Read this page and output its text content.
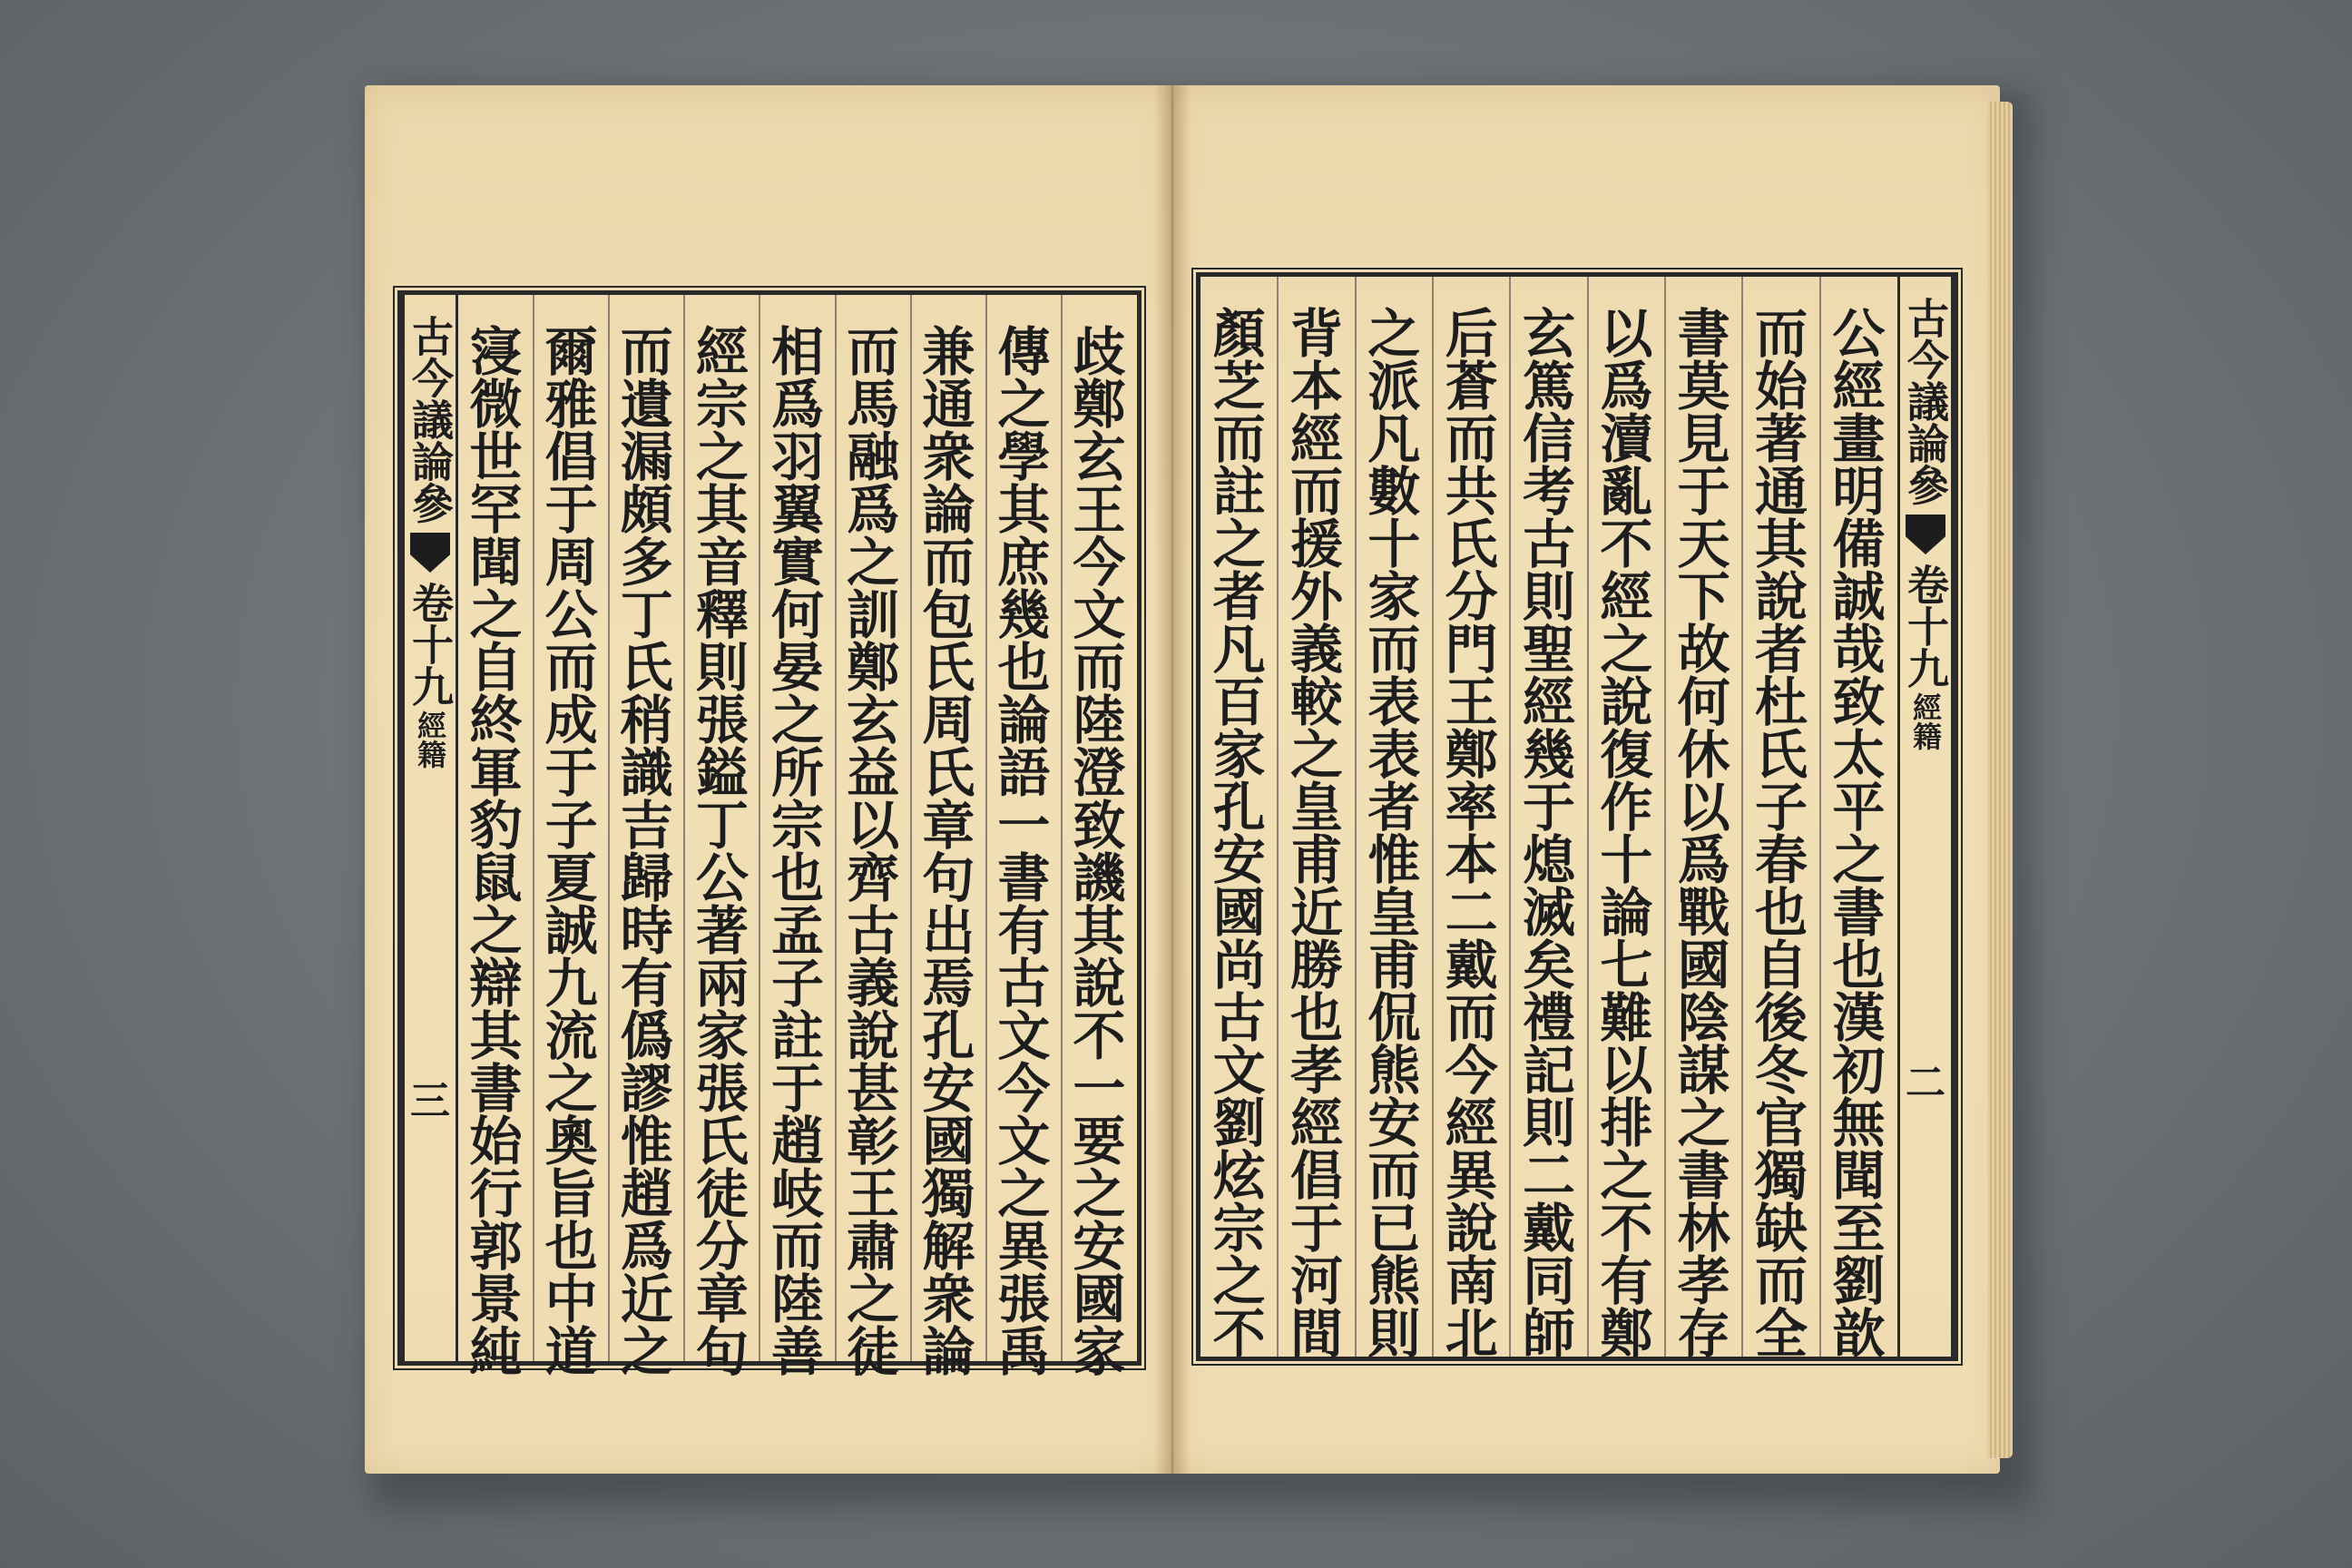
古今議論參
卷十九
經籍
三
歧
鄭
玄
王
今
文
而
陸
澄
致
譏
其
說
不
一
要
之
安
國
家
傳
之
學
其
庶
幾
也
論
語
一
書
有
古
文
今
文
之
異
張
禹
兼
通
衆
論
而
包
氏
周
氏
章
句
出
焉
孔
安
國
獨
解
衆
論
而
馬
融
爲
之
訓
鄭
玄
益
以
齊
古
義
說
甚
彰
王
肅
之
徒
相
爲
羽
翼
實
何
晏
之
所
宗
也
孟
子
註
于
趙
岐
而
陸
善
經
宗
之
其
音
釋
則
張
鎰
丁
公
著
兩
家
張
氏
徒
分
章
句
而
遺
漏
頗
多
丁
氏
稍
識
吉
歸
時
有
僞
謬
惟
趙
爲
近
之
爾
雅
倡
于
周
公
而
成
于
子
夏
誠
九
流
之
奧
旨
也
中
道
寖
微
世
罕
聞
之
自
終
軍
豹
鼠
之
辯
其
書
始
行
郭
景
純
古今議論參
卷十九
經籍
二
公
經
畫
明
備
誠
哉
致
太
平
之
書
也
漢
初
無
聞
至
劉
歆
而
始
著
通
其
說
者
杜
氏
子
春
也
自
後
冬
官
獨
缺
而
全
書
莫
見
于
天
下
故
何
休
以
爲
戰
國
陰
謀
之
書
林
孝
存
以
爲
瀆
亂
不
經
之
說
復
作
十
論
七
難
以
排
之
不
有
鄭
玄
篤
信
考
古
則
聖
經
幾
于
熄
滅
矣
禮
記
則
二
戴
同
師
后
蒼
而
共
氏
分
門
王
鄭
率
本
二
戴
而
今
經
異
說
南
北
之
派
凡
數
十
家
而
表
表
者
惟
皇
甫
侃
熊
安
而
已
熊
則
背
本
經
而
援
外
義
較
之
皇
甫
近
勝
也
孝
經
倡
于
河
間
顏
芝
而
註
之
者
凡
百
家
孔
安
國
尚
古
文
劉
炫
宗
之
不
